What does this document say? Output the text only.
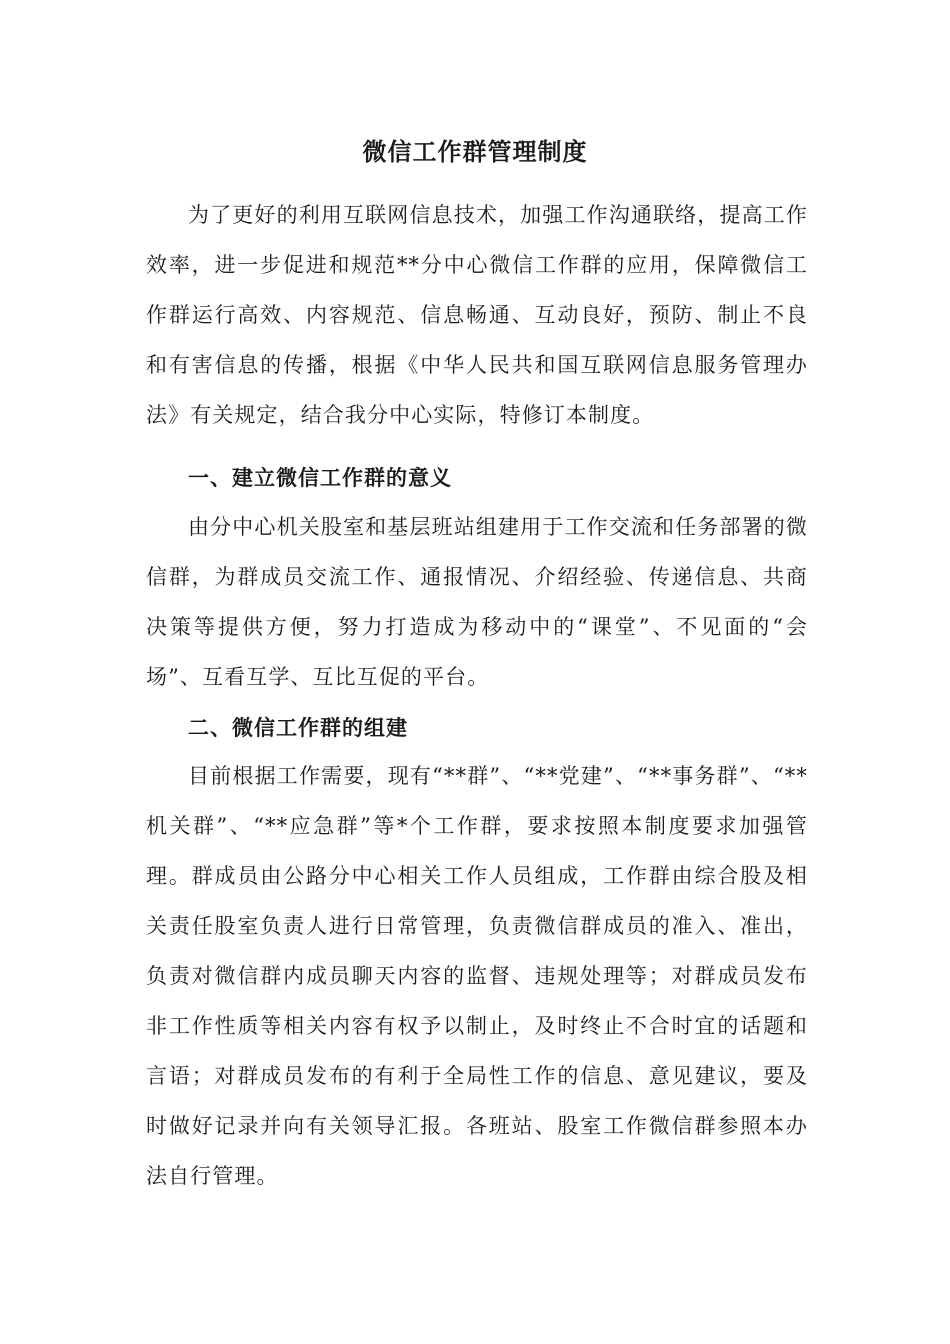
微信工作群管理制度
为了更好的利用互联网信息技术，加强工作沟通联络，提高工作效率，进一步促进和规范**分中心微信工作群的应用，保障微信工作群运行高效、内容规范、信息畅通、互动良好，预防、制止不良和有害信息的传播，根据《中华人民共和国互联网信息服务管理办法》有关规定，结合我分中心实际，特修订本制度。
一、建立微信工作群的意义
由分中心机关股室和基层班站组建用于工作交流和任务部署的微信群，为群成员交流工作、通报情况、介绍经验、传递信息、共商决策等提供方便，努力打造成为移动中的“课堂”、不见面的“会场”、互看互学、互比互促的平台。
二、微信工作群的组建
目前根据工作需要，现有“**群”、“**党建”、“**事务群”、“**机关群”、“**应急群”等*个工作群，要求按照本制度要求加强管理。群成员由公路分中心相关工作人员组成，工作群由综合股及相关责任股室负责人进行日常管理，负责微信群成员的准入、准出，负责对微信群内成员聊天内容的监督、违规处理等；对群成员发布非工作性质等相关内容有权予以制止，及时终止不合时宜的话题和言语；对群成员发布的有利于全局性工作的信息、意见建议，要及时做好记录并向有关领导汇报。各班站、股室工作微信群参照本办法自行管理。
